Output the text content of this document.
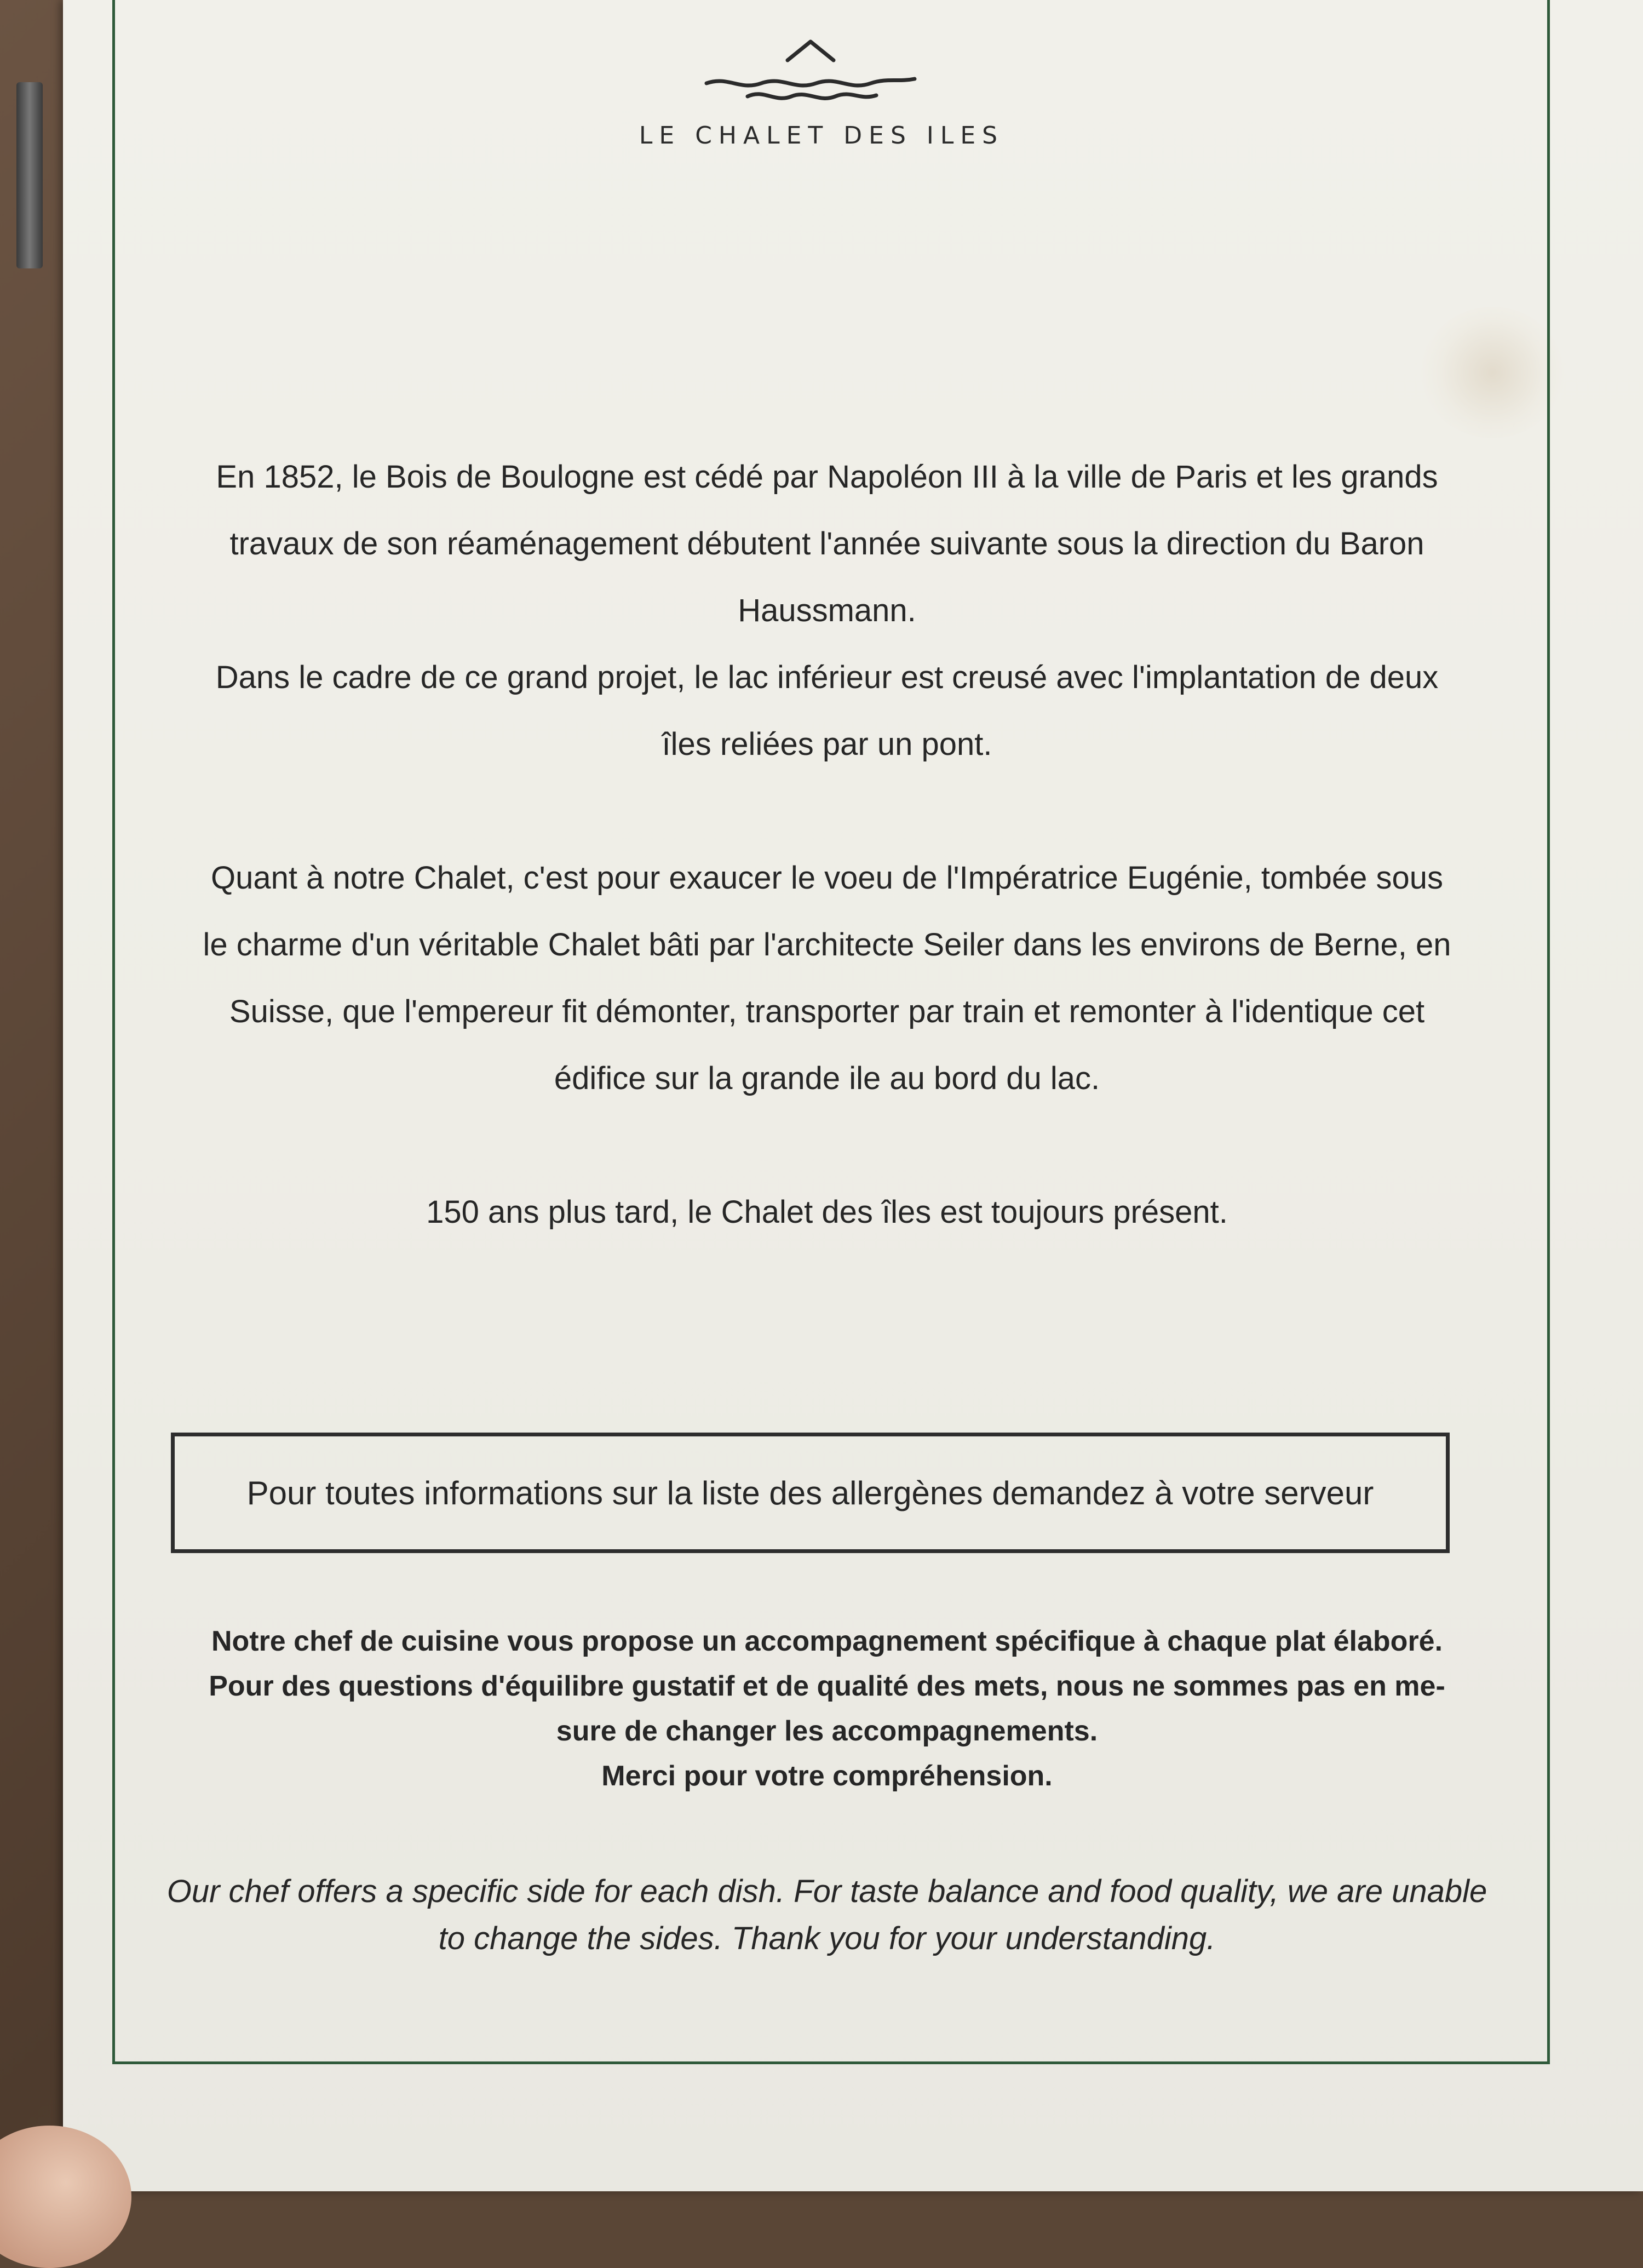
LE CHALET DES ILES

En 1852, le Bois de Boulogne est cédé par Napoléon III à la ville de Paris et les grands

travaux de son réaménagement débutent l'année suivante sous la direction du Baron

Haussmann.

Dans le cadre de ce grand projet, le lac inférieur est creusé avec l'implantation de deux

îles reliées par un pont.

Quant à notre Chalet, c'est pour exaucer le voeu de l'Impératrice Eugénie, tombée sous

le charme d'un véritable Chalet bâti par l'architecte Seiler dans les environs de Berne, en

Suisse, que l'empereur fit démonter, transporter par train et remonter à l'identique cet

édifice sur la grande ile au bord du lac.

150 ans plus tard, le Chalet des îles est toujours présent.

Pour toutes informations sur la liste des allergènes demandez à votre serveur

Notre chef de cuisine vous propose un accompagnement spécifique à chaque plat élaboré.

Pour des questions d'équilibre gustatif et de qualité des mets, nous ne sommes pas en me-

sure de changer les accompagnements.

Merci pour votre compréhension.

Our chef offers a specific side for each dish. For taste balance and food quality, we are unable

to change the sides. Thank you for your understanding.
